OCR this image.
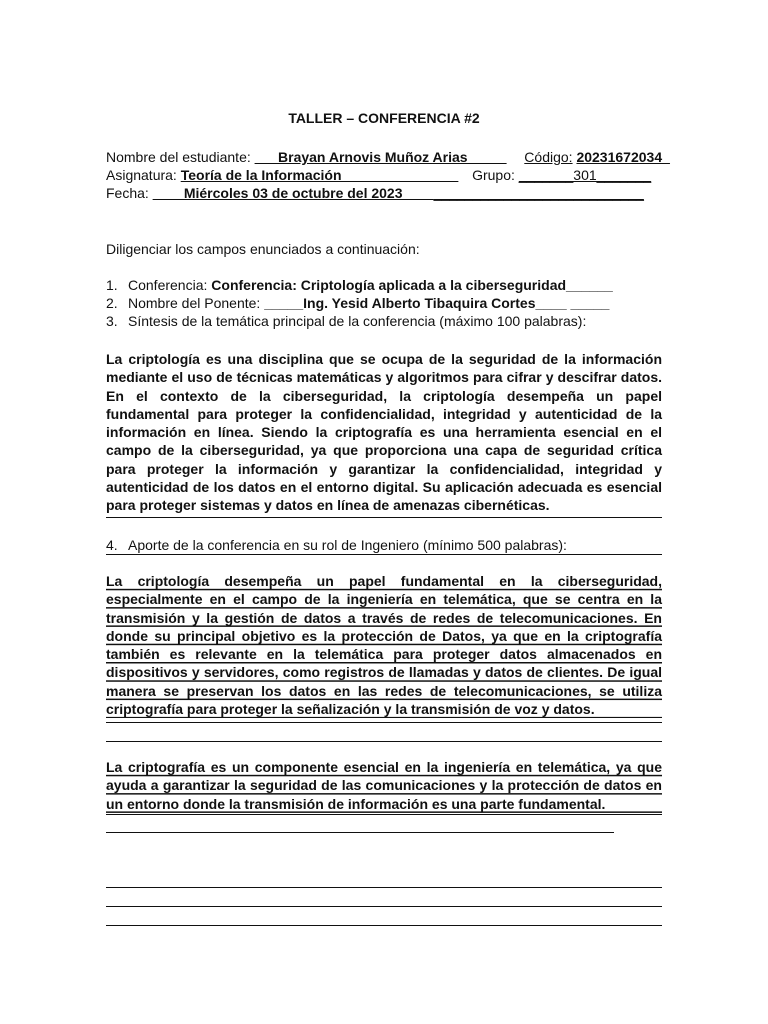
TALLER – CONFERENCIA #2
Nombre del estudiante: ___Brayan Arnovis Muñoz Arias_____ Código: 20231672034_
Asignatura: Teoría de la Información_______________ Grupo: _______301_______
Fecha: ____Miércoles 03 de octubre del 2023_______________________________
Diligenciar los campos enunciados a continuación:
1. Conferencia: Conferencia: Criptología aplicada a la ciberseguridad______
2. Nombre del Ponente: _____Ing. Yesid Alberto Tibaquira Cortes____ _____
3. Síntesis de la temática principal de la conferencia (máximo 100 palabras):
La criptología es una disciplina que se ocupa de la seguridad de la información mediante el uso de técnicas matemáticas y algoritmos para cifrar y descifrar datos. En el contexto de la ciberseguridad, la criptología desempeña un papel fundamental para proteger la confidencialidad, integridad y autenticidad de la información en línea. Siendo la criptografía es una herramienta esencial en el campo de la ciberseguridad, ya que proporciona una capa de seguridad crítica para proteger la información y garantizar la confidencialidad, integridad y autenticidad de los datos en el entorno digital. Su aplicación adecuada es esencial para proteger sistemas y datos en línea de amenazas cibernéticas.
4. Aporte de la conferencia en su rol de Ingeniero (mínimo 500 palabras):
La criptología desempeña un papel fundamental en la ciberseguridad, especialmente en el campo de la ingeniería en telemática, que se centra en la transmisión y la gestión de datos a través de redes de telecomunicaciones. En donde su principal objetivo es la protección de Datos, ya que en la criptografía también es relevante en la telemática para proteger datos almacenados en dispositivos y servidores, como registros de llamadas y datos de clientes. De igual manera se preservan los datos en las redes de telecomunicaciones, se utiliza criptografía para proteger la señalización y la transmisión de voz y datos.
La criptografía es un componente esencial en la ingeniería en telemática, ya que ayuda a garantizar la seguridad de las comunicaciones y la protección de datos en un entorno donde la transmisión de información es una parte fundamental.
